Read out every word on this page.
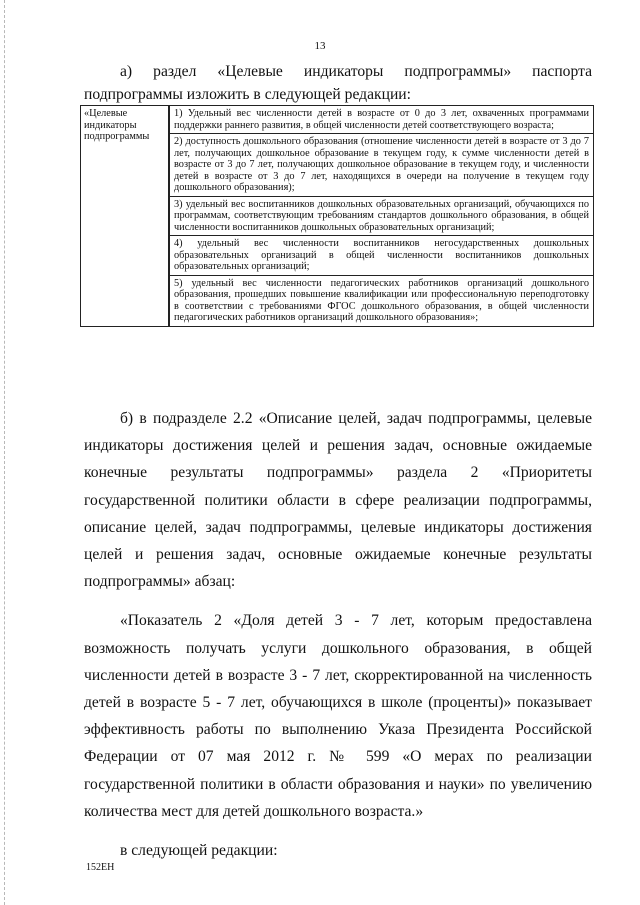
13
а) раздел «Целевые индикаторы подпрограммы» паспорта
подпрограммы изложить в следующей редакции:
«Целевые индикаторы подпрограммы	1) Удельный вес численности детей в возрасте от 0 до 3 лет, охваченных программами поддержки раннего развития, в общей численности детей соответствующего возраста;
2) доступность дошкольного образования (отношение численности детей в возрасте от 3 до 7 лет, получающих дошкольное образование в текущем году, к сумме численности детей в возрасте от 3 до 7 лет, получающих дошкольное образование в текущем году, и численности детей в возрасте от 3 до 7 лет, находящихся в очереди на получение в текущем году дошкольного образования);
3) удельный вес воспитанников дошкольных образовательных организаций, обучающихся по программам, соответствующим требованиям стандартов дошкольного образования, в общей численности воспитанников дошкольных образовательных организаций;
4) удельный вес численности воспитанников негосударственных дошкольных образовательных организаций в общей численности воспитанников дошкольных образовательных организаций;
5) удельный вес численности педагогических работников организаций дошкольного образования, прошедших повышение квалификации или профессиональную переподготовку в соответствии с требованиями ФГОС дошкольного образования, в общей численности педагогических работников организаций дошкольного образования»;

б) в подразделе 2.2 «Описание целей, задач подпрограммы, целевые индикаторы достижения целей и решения задач, основные ожидаемые конечные результаты подпрограммы» раздела 2 «Приоритеты государственной политики области в сфере реализации подпрограммы, описание целей, задач подпрограммы, целевые индикаторы достижения целей и решения задач, основные ожидаемые конечные результаты подпрограммы» абзац:

«Показатель 2 «Доля детей 3 - 7 лет, которым предоставлена возможность получать услуги дошкольного образования, в общей численности детей в возрасте 3 - 7 лет, скорректированной на численность детей в возрасте 5 - 7 лет, обучающихся в школе (проценты)» показывает эффективность работы по выполнению Указа Президента Российской Федерации от 07 мая 2012 г. № 599 «О мерах по реализации государственной политики в области образования и науки» по увеличению количества мест для детей дошкольного возраста.»

в следующей редакции:

152ЕН
